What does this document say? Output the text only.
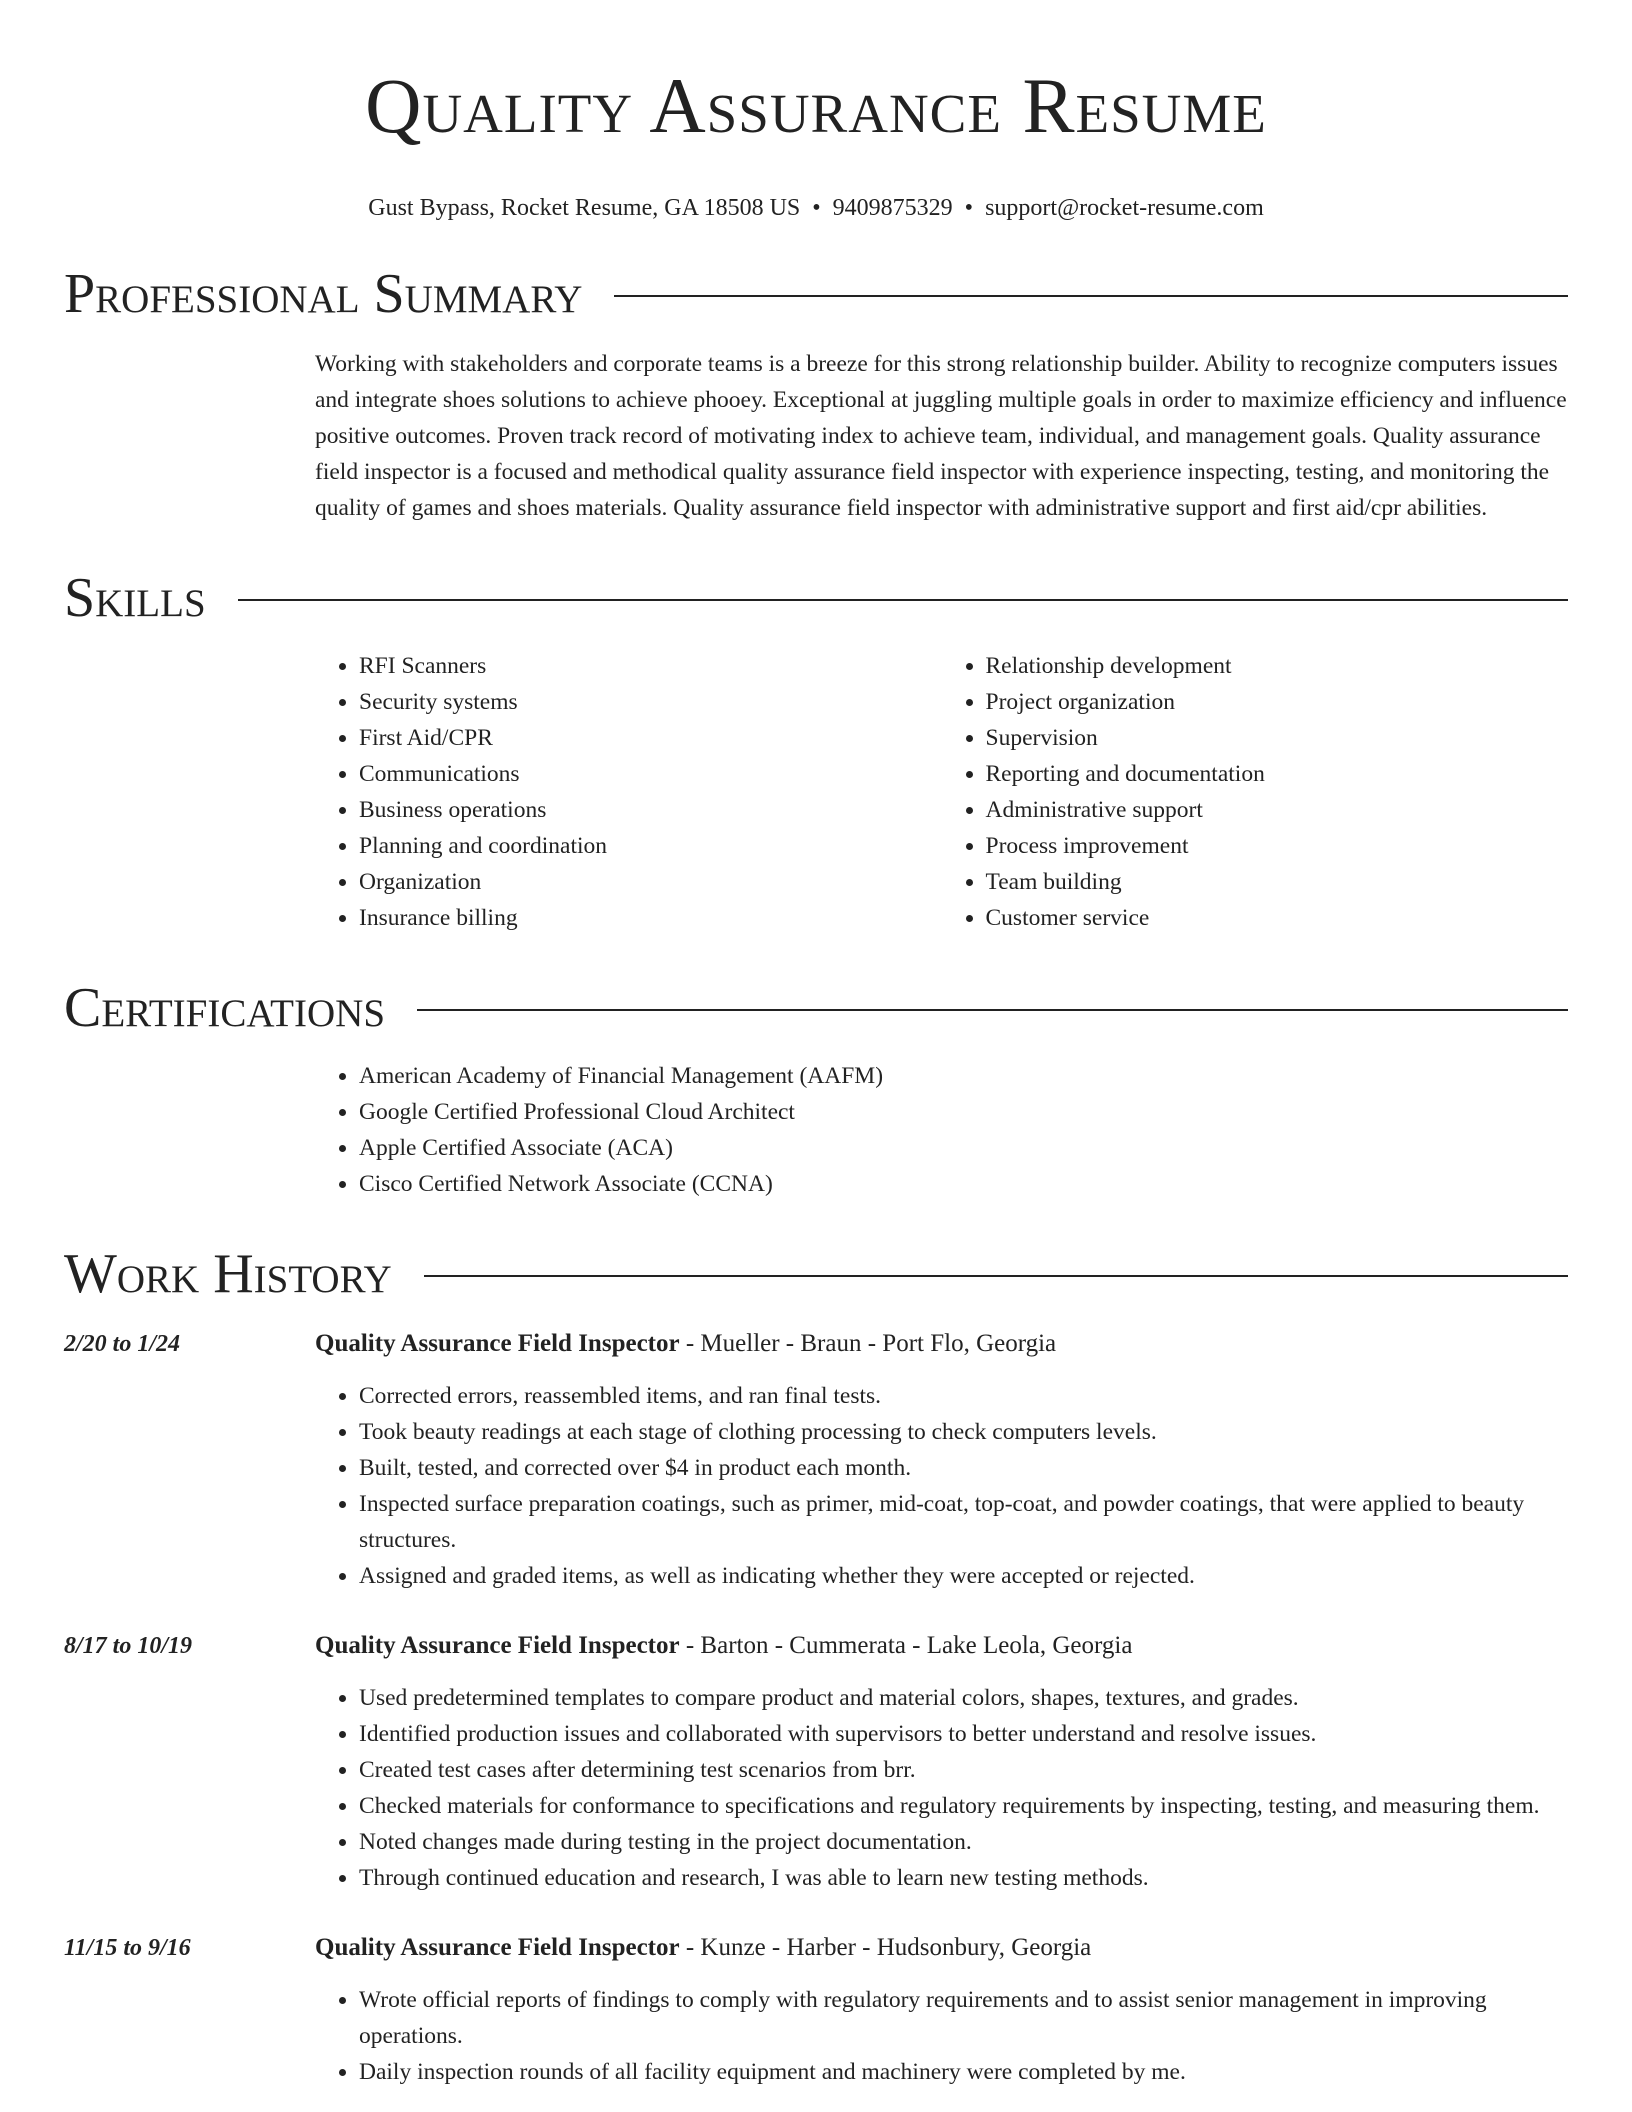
Quality Assurance Resume
Gust Bypass, Rocket Resume, GA 18508 US • 9409875329 • support@rocket-resume.com
Professional Summary
Working with stakeholders and corporate teams is a breeze for this strong relationship builder. Ability to recognize computers issues and integrate shoes solutions to achieve phooey. Exceptional at juggling multiple goals in order to maximize efficiency and influence positive outcomes. Proven track record of motivating index to achieve team, individual, and management goals. Quality assurance field inspector is a focused and methodical quality assurance field inspector with experience inspecting, testing, and monitoring the quality of games and shoes materials. Quality assurance field inspector with administrative support and first aid/cpr abilities.
Skills
• RFI Scanners
• Security systems
• First Aid/CPR
• Communications
• Business operations
• Planning and coordination
• Organization
• Insurance billing
• Relationship development
• Project organization
• Supervision
• Reporting and documentation
• Administrative support
• Process improvement
• Team building
• Customer service
Certifications
• American Academy of Financial Management (AAFM)
• Google Certified Professional Cloud Architect
• Apple Certified Associate (ACA)
• Cisco Certified Network Associate (CCNA)
Work History
2/20 to 1/24	Quality Assurance Field Inspector - Mueller - Braun - Port Flo, Georgia
• Corrected errors, reassembled items, and ran final tests.
• Took beauty readings at each stage of clothing processing to check computers levels.
• Built, tested, and corrected over $4 in product each month.
• Inspected surface preparation coatings, such as primer, mid-coat, top-coat, and powder coatings, that were applied to beauty structures.
• Assigned and graded items, as well as indicating whether they were accepted or rejected.
8/17 to 10/19	Quality Assurance Field Inspector - Barton - Cummerata - Lake Leola, Georgia
• Used predetermined templates to compare product and material colors, shapes, textures, and grades.
• Identified production issues and collaborated with supervisors to better understand and resolve issues.
• Created test cases after determining test scenarios from brr.
• Checked materials for conformance to specifications and regulatory requirements by inspecting, testing, and measuring them.
• Noted changes made during testing in the project documentation.
• Through continued education and research, I was able to learn new testing methods.
11/15 to 9/16	Quality Assurance Field Inspector - Kunze - Harber - Hudsonbury, Georgia
• Wrote official reports of findings to comply with regulatory requirements and to assist senior management in improving operations.
• Daily inspection rounds of all facility equipment and machinery were completed by me.
